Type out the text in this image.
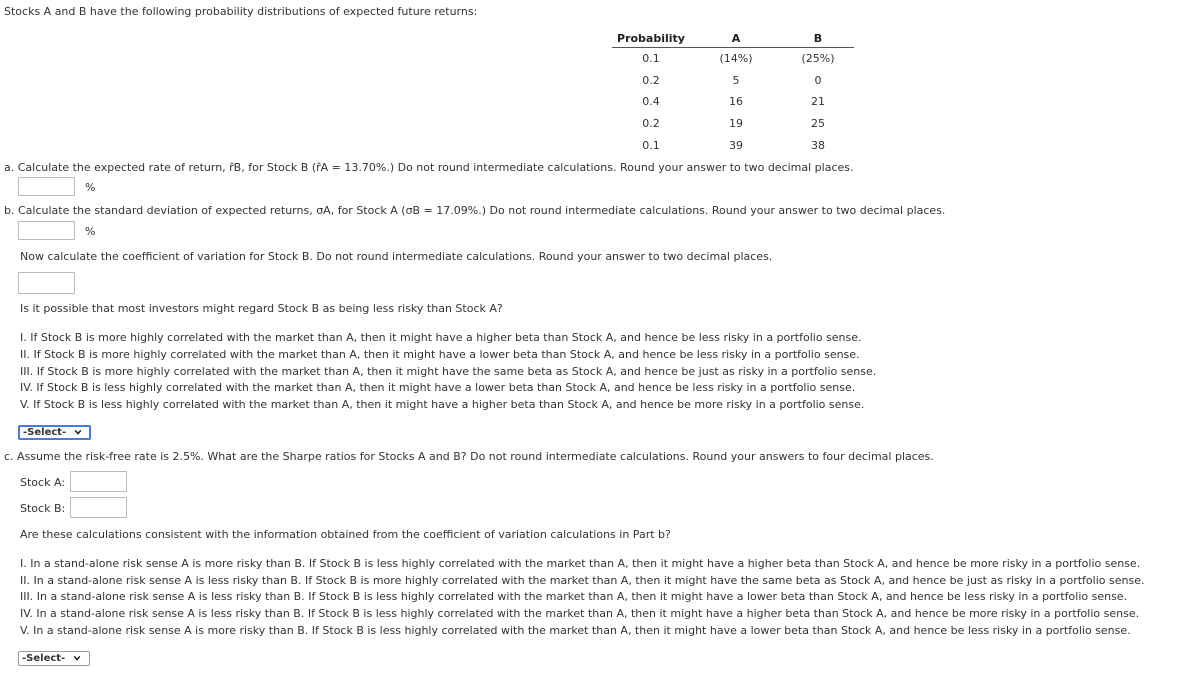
Stocks A and B have the following probability distributions of expected future returns:
Probability	A	B
0.1	(14%)	(25%)
0.2	5	0
0.4	16	21
0.2	19	25
0.1	39	38
a. Calculate the expected rate of return, r̂B, for Stock B (r̂A = 13.70%.) Do not round intermediate calculations. Round your answer to two decimal places.
%
b. Calculate the standard deviation of expected returns, σA, for Stock A (σB = 17.09%.) Do not round intermediate calculations. Round your answer to two decimal places.
%
Now calculate the coefficient of variation for Stock B. Do not round intermediate calculations. Round your answer to two decimal places.
Is it possible that most investors might regard Stock B as being less risky than Stock A?
I. If Stock B is more highly correlated with the market than A, then it might have a higher beta than Stock A, and hence be less risky in a portfolio sense.
II. If Stock B is more highly correlated with the market than A, then it might have a lower beta than Stock A, and hence be less risky in a portfolio sense.
III. If Stock B is more highly correlated with the market than A, then it might have the same beta as Stock A, and hence be just as risky in a portfolio sense.
IV. If Stock B is less highly correlated with the market than A, then it might have a lower beta than Stock A, and hence be less risky in a portfolio sense.
V. If Stock B is less highly correlated with the market than A, then it might have a higher beta than Stock A, and hence be more risky in a portfolio sense.
-Select-
c. Assume the risk-free rate is 2.5%. What are the Sharpe ratios for Stocks A and B? Do not round intermediate calculations. Round your answers to four decimal places.
Stock A:
Stock B:
Are these calculations consistent with the information obtained from the coefficient of variation calculations in Part b?
I. In a stand-alone risk sense A is more risky than B. If Stock B is less highly correlated with the market than A, then it might have a higher beta than Stock A, and hence be more risky in a portfolio sense.
II. In a stand-alone risk sense A is less risky than B. If Stock B is more highly correlated with the market than A, then it might have the same beta as Stock A, and hence be just as risky in a portfolio sense.
III. In a stand-alone risk sense A is less risky than B. If Stock B is less highly correlated with the market than A, then it might have a lower beta than Stock A, and hence be less risky in a portfolio sense.
IV. In a stand-alone risk sense A is less risky than B. If Stock B is less highly correlated with the market than A, then it might have a higher beta than Stock A, and hence be more risky in a portfolio sense.
V. In a stand-alone risk sense A is more risky than B. If Stock B is less highly correlated with the market than A, then it might have a lower beta than Stock A, and hence be less risky in a portfolio sense.
-Select-
